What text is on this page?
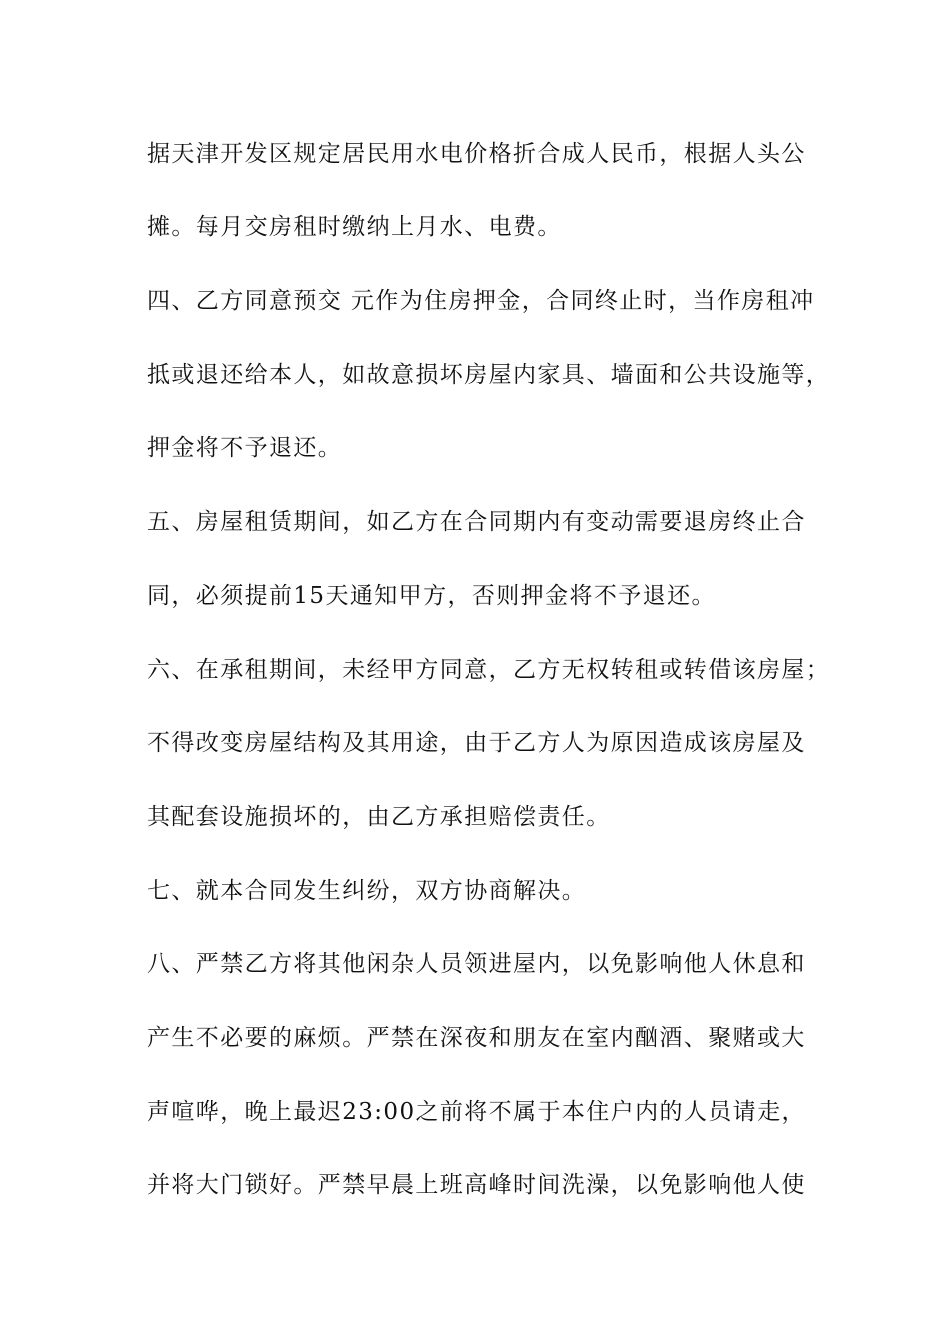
据天津开发区规定居民用水电价格折合成人民币，根据人头公
摊。每月交房租时缴纳上月水、电费。
四、乙方同意预交 元作为住房押金，合同终止时，当作房租冲
抵或退还给本人，如故意损坏房屋内家具、墙面和公共设施等，
押金将不予退还。
五、房屋租赁期间，如乙方在合同期内有变动需要退房终止合
同，必须提前15天通知甲方，否则押金将不予退还。
六、在承租期间，未经甲方同意，乙方无权转租或转借该房屋；
不得改变房屋结构及其用途，由于乙方人为原因造成该房屋及
其配套设施损坏的，由乙方承担赔偿责任。
七、就本合同发生纠纷，双方协商解决。
八、严禁乙方将其他闲杂人员领进屋内，以免影响他人休息和
产生不必要的麻烦。严禁在深夜和朋友在室内酗酒、聚赌或大
声喧哗，晚上最迟23:00之前将不属于本住户内的人员请走，
并将大门锁好。严禁早晨上班高峰时间洗澡，以免影响他人使
